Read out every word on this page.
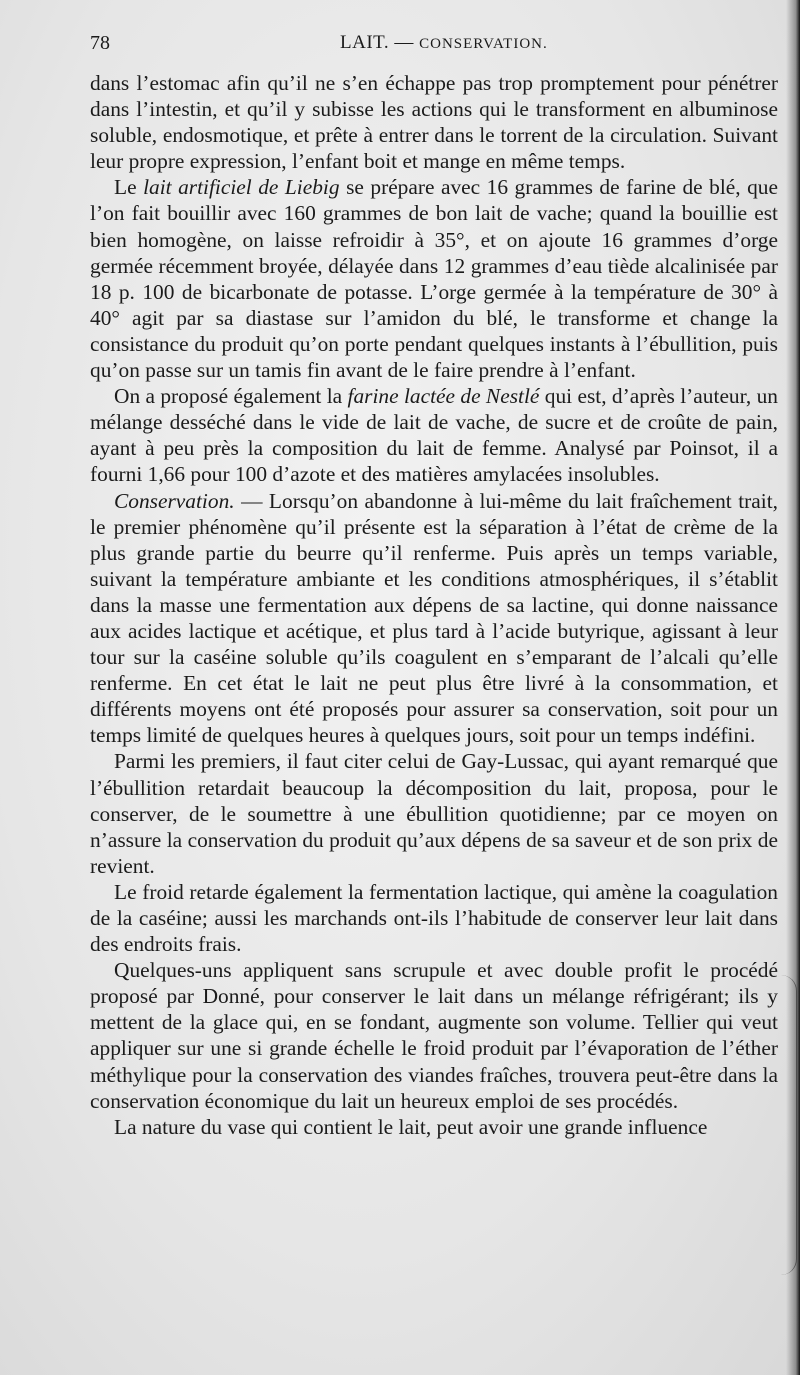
78	LAIT. — CONSERVATION.

dans l’estomac afin qu’il ne s’en échappe pas trop promptement pour pénétrer dans l’intestin, et qu’il y subisse les actions qui le transforment en albuminose soluble, endosmotique, et prête à entrer dans le torrent de la circulation. Suivant leur propre expression, l’enfant boit et mange en même temps.

Le lait artificiel de Liebig se prépare avec 16 grammes de farine de blé, que l’on fait bouillir avec 160 grammes de bon lait de vache; quand la bouillie est bien homogène, on laisse refroidir à 35°, et on ajoute 16 grammes d’orge germée récemment broyée, délayée dans 12 grammes d’eau tiède alcalinisée par 18 p. 100 de bicarbonate de potasse. L’orge germée à la température de 30° à 40° agit par sa diastase sur l’amidon du blé, le transforme et change la consistance du produit qu’on porte pendant quelques instants à l’ébullition, puis qu’on passe sur un tamis fin avant de le faire prendre à l’enfant.

On a proposé également la farine lactée de Nestlé qui est, d’après l’auteur, un mélange desséché dans le vide de lait de vache, de sucre et de croûte de pain, ayant à peu près la composition du lait de femme. Analysé par Poinsot, il a fourni 1,66 pour 100 d’azote et des matières amylacées insolubles.

Conservation. — Lorsqu’on abandonne à lui-même du lait fraîchement trait, le premier phénomène qu’il présente est la séparation à l’état de crème de la plus grande partie du beurre qu’il renferme. Puis après un temps variable, suivant la température ambiante et les conditions atmosphériques, il s’établit dans la masse une fermentation aux dépens de sa lactine, qui donne naissance aux acides lactique et acétique, et plus tard à l’acide butyrique, agissant à leur tour sur la caséine soluble qu’ils coagulent en s’emparant de l’alcali qu’elle renferme. En cet état le lait ne peut plus être livré à la consommation, et différents moyens ont été proposés pour assurer sa conservation, soit pour un temps limité de quelques heures à quelques jours, soit pour un temps indéfini.

Parmi les premiers, il faut citer celui de Gay-Lussac, qui ayant remarqué que l’ébullition retardait beaucoup la décomposition du lait, proposa, pour le conserver, de le soumettre à une ébullition quotidienne; par ce moyen on n’assure la conservation du produit qu’aux dépens de sa saveur et de son prix de revient.

Le froid retarde également la fermentation lactique, qui amène la coagulation de la caséine; aussi les marchands ont-ils l’habitude de conserver leur lait dans des endroits frais.

Quelques-uns appliquent sans scrupule et avec double profit le procédé proposé par Donné, pour conserver le lait dans un mélange réfrigérant; ils y mettent de la glace qui, en se fondant, augmente son volume. Tellier qui veut appliquer sur une si grande échelle le froid produit par l’évaporation de l’éther méthylique pour la conservation des viandes fraîches, trouvera peut-être dans la conservation économique du lait un heureux emploi de ses procédés.

La nature du vase qui contient le lait, peut avoir une grande influence
